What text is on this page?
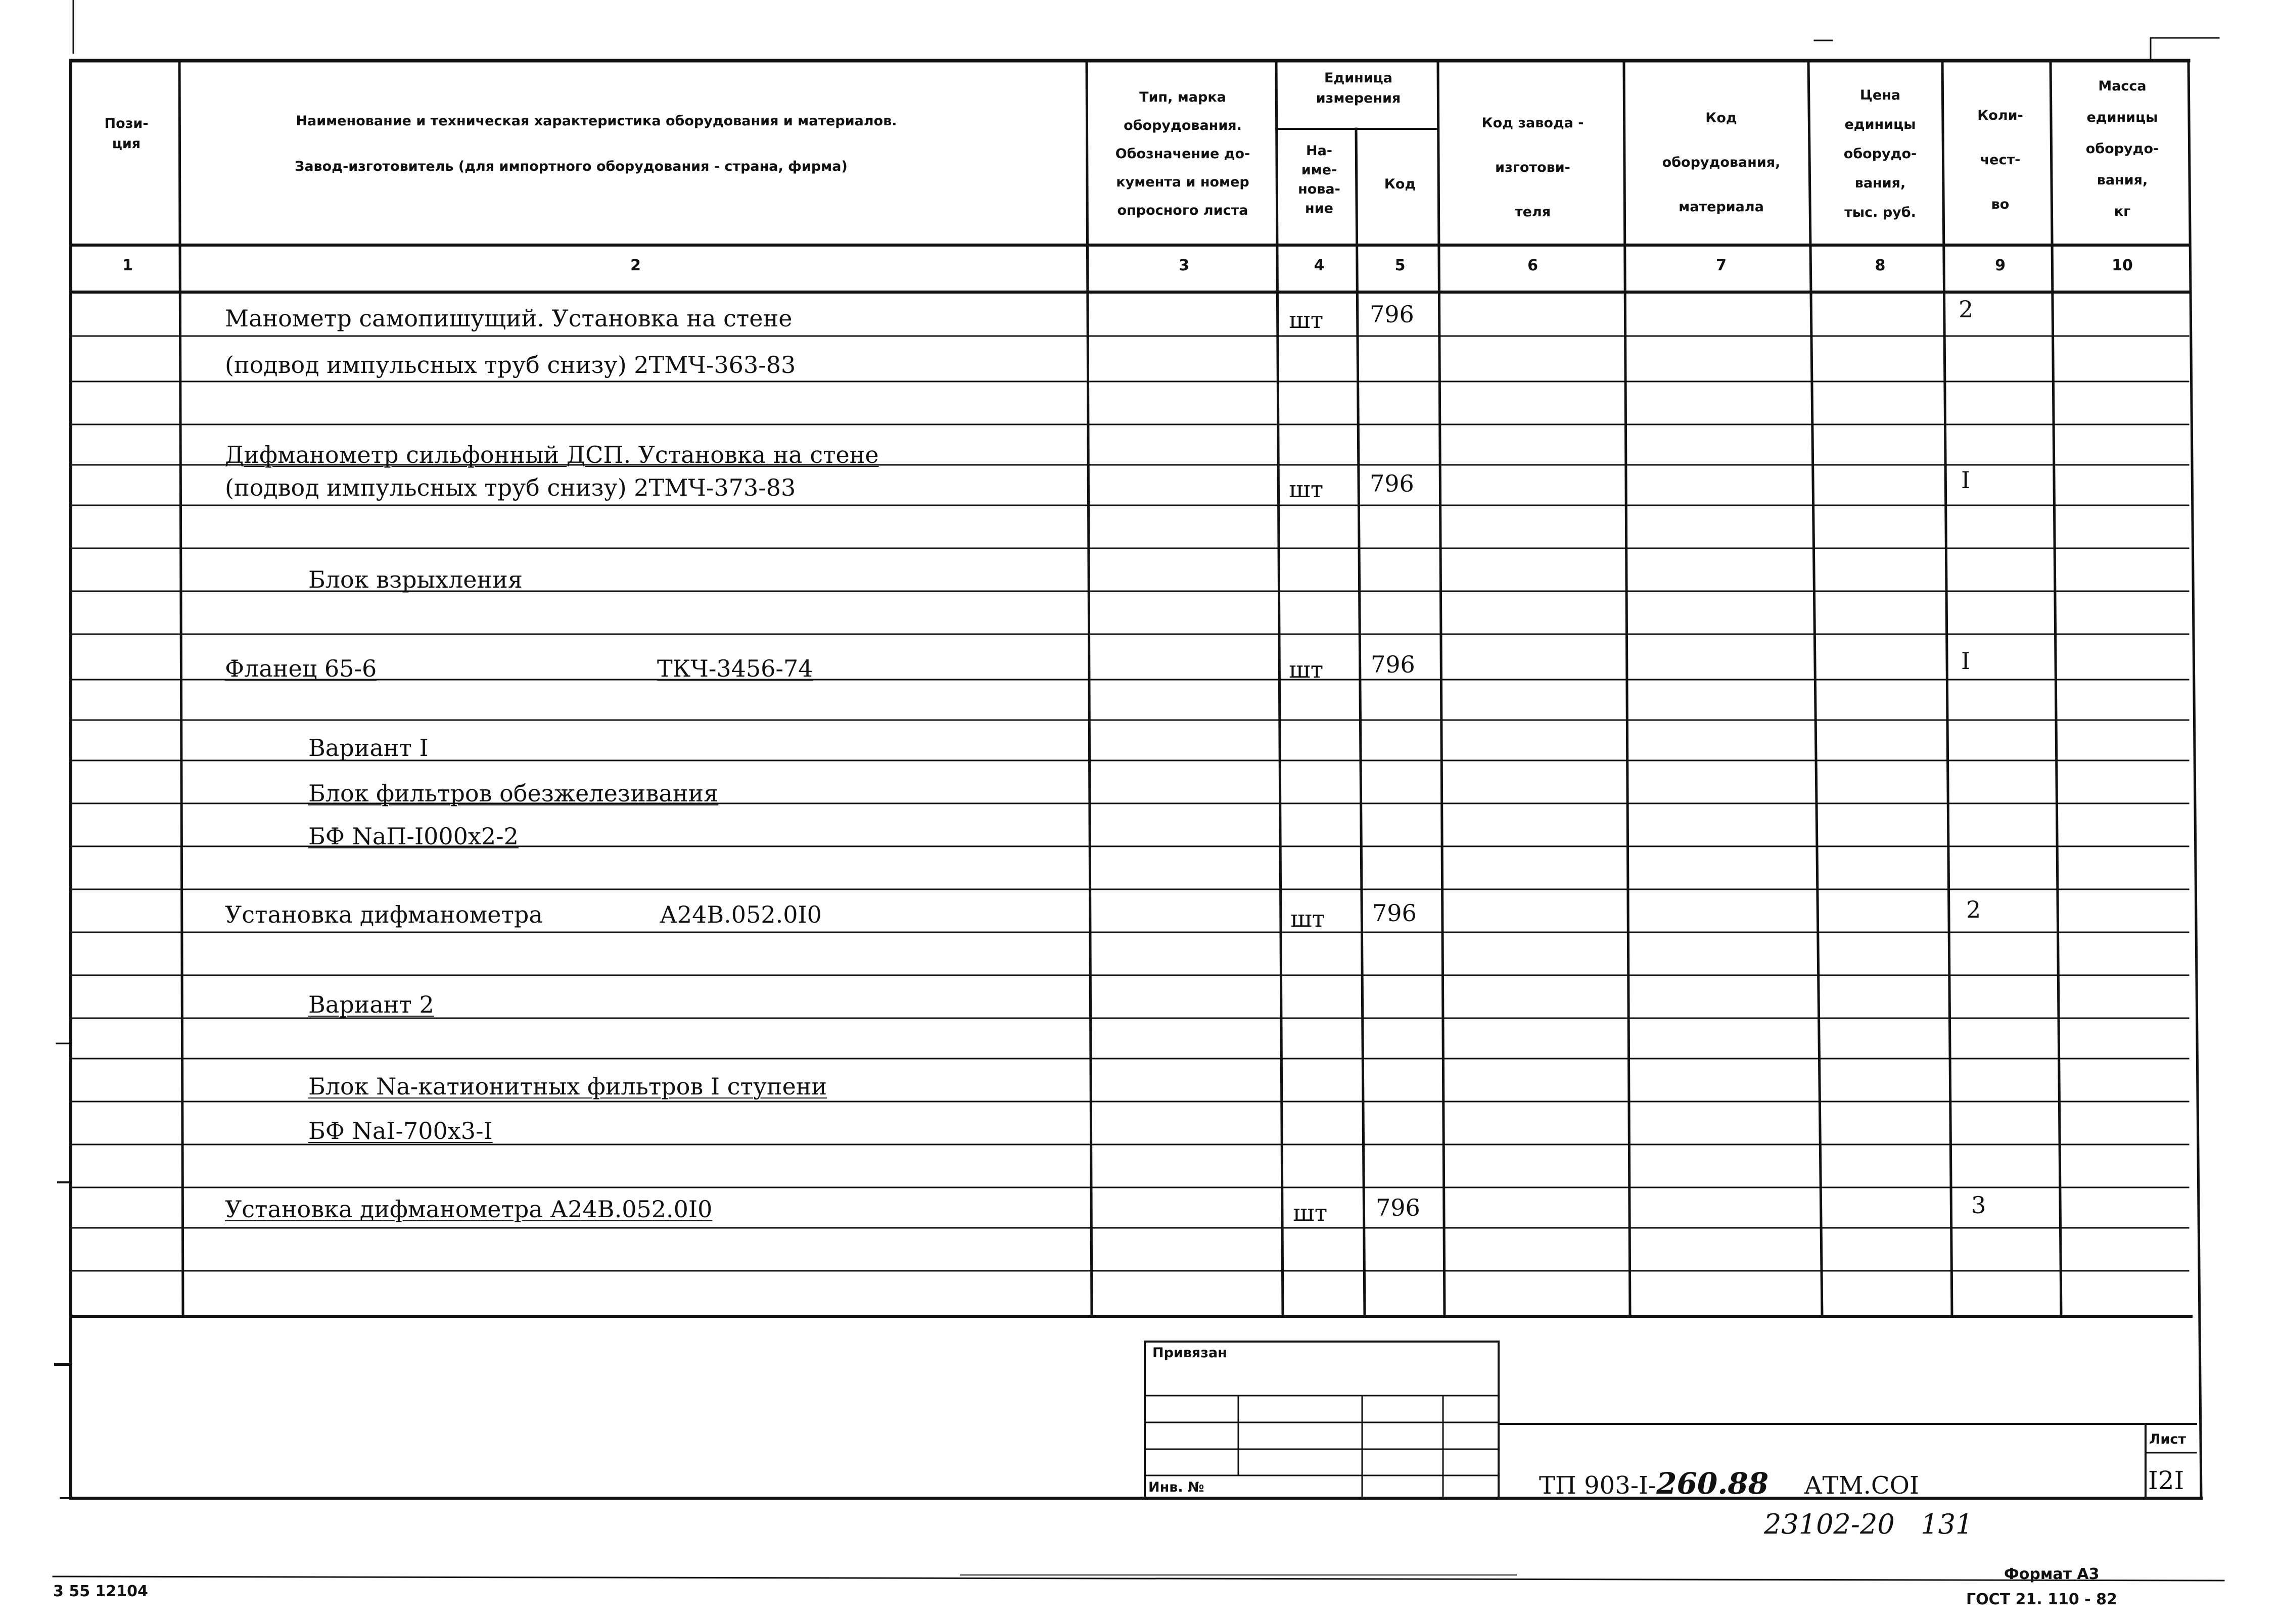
Пози-
ция
Наименование и техническая характеристика оборудования и материалов.
Завод-изготовитель (для импортного оборудования - страна, фирма)
Тип, марка
оборудования.
Обозначение до-
кумента и номер
опросного листа
Единица
измерения
На-
име-
нова-
ние
Код
Код завода -
изготови-
теля
Код
оборудования,
материала
Цена
единицы
оборудо-
вания,
тыс. руб.
Коли-
чест-
во
Масса
единицы
оборудо-
вания,
кг
1	2	3	4	5	6	7	8	9	10
Манометр самопишущий. Установка на стене	шт 796	2
(подвод импульсных труб снизу) 2ТМЧ-363-83
Дифманометр сильфонный ДСП. Установка на стене
(подвод импульсных труб снизу) 2ТМЧ-373-83	шт 796	I
Блок взрыхления
Фланец 65-6	ТКЧ-3456-74	шт 796	I
Вариант I
Блок фильтров обезжелезивания
БФ NaП-I000x2-2
Установка дифманометра	А24В.052.0I0	шт 796	2
Вариант 2
Блок Na-катионитных фильтров I ступени
БФ NaI-700x3-I
Установка дифманометра А24В.052.0I0	шт 796	3
Привязан
Инв. №
Лист
I2I
ТП 903-I-260.88 АТМ.СОI
23102-20   131
3 55 12104
Формат А3
ГОСТ 21. 110 - 82
